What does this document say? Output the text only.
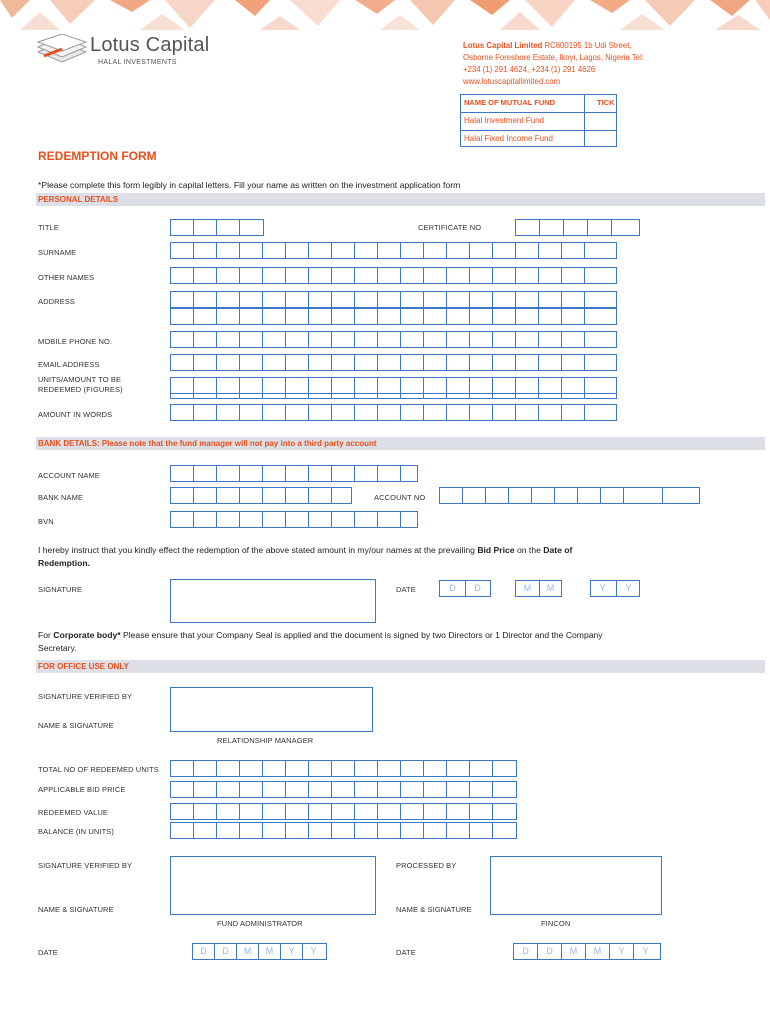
Lotus Capital
HALAL INVESTMENTS
Lotus Capital Limited RC600195 1b Udi Street,
Osborne Foreshore Estate, Ikoyi, Lagos, Nigeria Tel:
+234 (1) 291 4624, +234 (1) 291 4626
www.lotuscapitallimited.com
NAME OF MUTUAL FUND	TICK
Halal Investment Fund
Halal Fixed Income Fund
REDEMPTION FORM
*Please complete this form legibly in capital letters. Fill your name as written on the investment application form
PERSONAL DETAILS
TITLE	CERTIFICATE NO
SURNAME
OTHER NAMES
ADDRESS
MOBILE PHONE NO.
EMAIL ADDRESS
UNITS/AMOUNT TO BE
REDEEMED (FIGURES)
AMOUNT IN WORDS
BANK DETAILS: Please note that the fund manager will not pay into a third party account
ACCOUNT NAME
BANK NAME	ACCOUNT NO
BVN
I hereby instruct that you kindly effect the redemption of the above stated amount in my/our names at the prevailing Bid Price on the Date of
Redemption.
SIGNATURE	DATE	D	D	M	M	Y	Y
For Corporate body* Please ensure that your Company Seal is applied and the document is signed by two Directors or 1 Director and the Company
Secretary.
FOR OFFICE USE ONLY
SIGNATURE VERIFIED BY
NAME & SIGNATURE
RELATIONSHIP MANAGER
TOTAL NO OF REDEEMED UNITS
APPLICABLE BID PRICE
REDEEMED VALUE
BALANCE (IN UNITS)
SIGNATURE VERIFIED BY	PROCESSED BY
NAME & SIGNATURE	NAME & SIGNATURE
FUND ADMINISTRATOR	FINCON
DATE	D	D	M	M	Y	Y	DATE	D	D	M	M	Y	Y
